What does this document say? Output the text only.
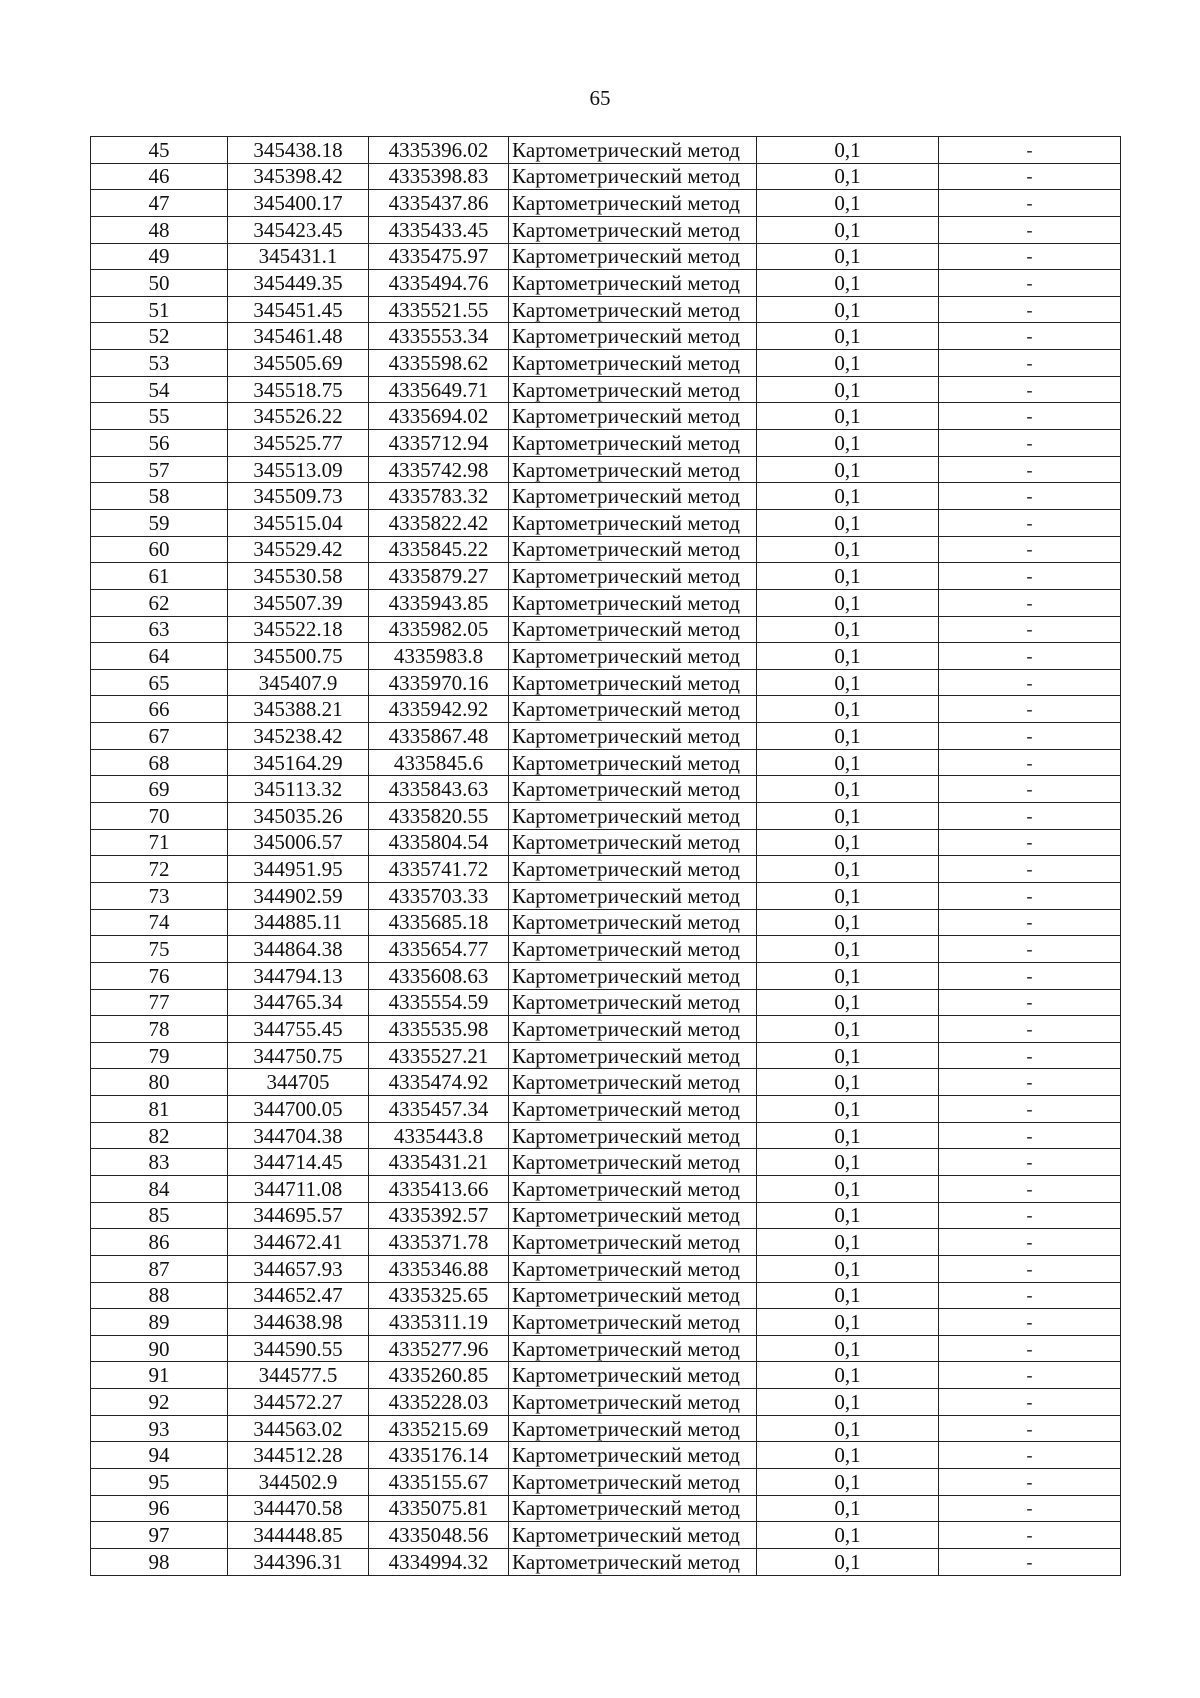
65
45	345438.18	4335396.02	Картометрический метод	0,1	-
46	345398.42	4335398.83	Картометрический метод	0,1	-
47	345400.17	4335437.86	Картометрический метод	0,1	-
48	345423.45	4335433.45	Картометрический метод	0,1	-
49	345431.1	4335475.97	Картометрический метод	0,1	-
50	345449.35	4335494.76	Картометрический метод	0,1	-
51	345451.45	4335521.55	Картометрический метод	0,1	-
52	345461.48	4335553.34	Картометрический метод	0,1	-
53	345505.69	4335598.62	Картометрический метод	0,1	-
54	345518.75	4335649.71	Картометрический метод	0,1	-
55	345526.22	4335694.02	Картометрический метод	0,1	-
56	345525.77	4335712.94	Картометрический метод	0,1	-
57	345513.09	4335742.98	Картометрический метод	0,1	-
58	345509.73	4335783.32	Картометрический метод	0,1	-
59	345515.04	4335822.42	Картометрический метод	0,1	-
60	345529.42	4335845.22	Картометрический метод	0,1	-
61	345530.58	4335879.27	Картометрический метод	0,1	-
62	345507.39	4335943.85	Картометрический метод	0,1	-
63	345522.18	4335982.05	Картометрический метод	0,1	-
64	345500.75	4335983.8	Картометрический метод	0,1	-
65	345407.9	4335970.16	Картометрический метод	0,1	-
66	345388.21	4335942.92	Картометрический метод	0,1	-
67	345238.42	4335867.48	Картометрический метод	0,1	-
68	345164.29	4335845.6	Картометрический метод	0,1	-
69	345113.32	4335843.63	Картометрический метод	0,1	-
70	345035.26	4335820.55	Картометрический метод	0,1	-
71	345006.57	4335804.54	Картометрический метод	0,1	-
72	344951.95	4335741.72	Картометрический метод	0,1	-
73	344902.59	4335703.33	Картометрический метод	0,1	-
74	344885.11	4335685.18	Картометрический метод	0,1	-
75	344864.38	4335654.77	Картометрический метод	0,1	-
76	344794.13	4335608.63	Картометрический метод	0,1	-
77	344765.34	4335554.59	Картометрический метод	0,1	-
78	344755.45	4335535.98	Картометрический метод	0,1	-
79	344750.75	4335527.21	Картометрический метод	0,1	-
80	344705	4335474.92	Картометрический метод	0,1	-
81	344700.05	4335457.34	Картометрический метод	0,1	-
82	344704.38	4335443.8	Картометрический метод	0,1	-
83	344714.45	4335431.21	Картометрический метод	0,1	-
84	344711.08	4335413.66	Картометрический метод	0,1	-
85	344695.57	4335392.57	Картометрический метод	0,1	-
86	344672.41	4335371.78	Картометрический метод	0,1	-
87	344657.93	4335346.88	Картометрический метод	0,1	-
88	344652.47	4335325.65	Картометрический метод	0,1	-
89	344638.98	4335311.19	Картометрический метод	0,1	-
90	344590.55	4335277.96	Картометрический метод	0,1	-
91	344577.5	4335260.85	Картометрический метод	0,1	-
92	344572.27	4335228.03	Картометрический метод	0,1	-
93	344563.02	4335215.69	Картометрический метод	0,1	-
94	344512.28	4335176.14	Картометрический метод	0,1	-
95	344502.9	4335155.67	Картометрический метод	0,1	-
96	344470.58	4335075.81	Картометрический метод	0,1	-
97	344448.85	4335048.56	Картометрический метод	0,1	-
98	344396.31	4334994.32	Картометрический метод	0,1	-
